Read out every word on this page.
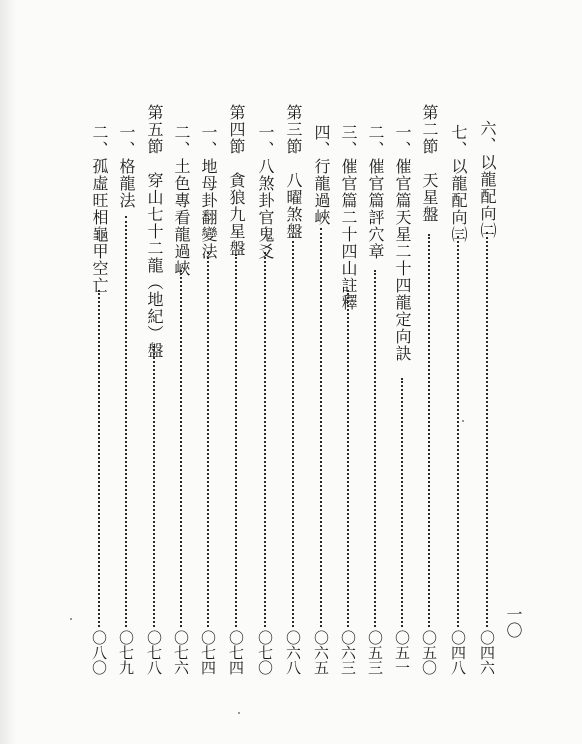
六、以龍配向㈡
〇四六
七、以龍配向㈢
〇四八
第二節　天星盤
〇五〇
一、催官篇天星二十四龍定向訣
〇五一
二、催官篇評穴章
〇五三
三、催官篇二十四山註釋
〇六三
四、行龍過峽
〇六五
第三節　八曜煞盤
〇六八
一、八煞卦官鬼爻
〇七〇
第四節　貪狼九星盤
〇七四
一、地母卦翻變法
〇七四
二、土色專看龍過峽
〇七六
第五節　穿山七十二龍（地紀）盤
〇七八
一、格龍法
〇七九
二、孤虛旺相龜甲空亡
〇八〇
一〇
